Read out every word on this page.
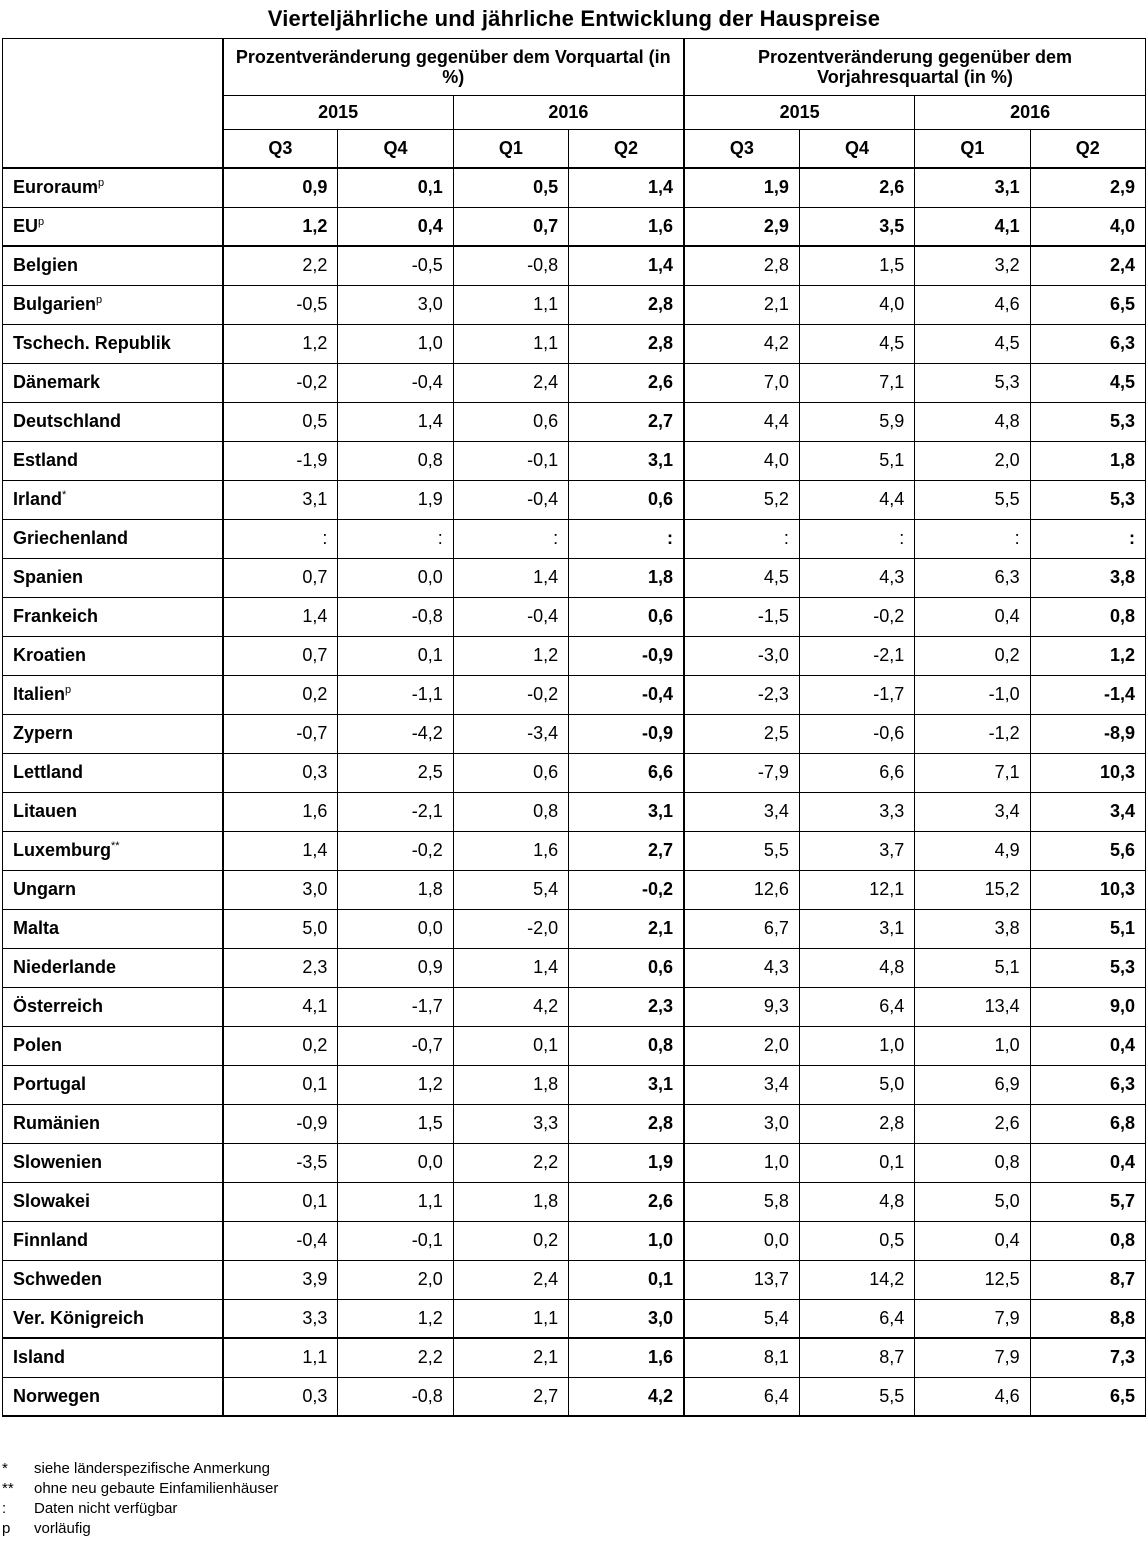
Vierteljährliche und jährliche Entwicklung der Hauspreise
	Prozentveränderung gegenüber dem Vorquartal (in %)				Prozentveränderung gegenüber dem Vorjahresquartal (in %)			
	2015		2016		2015		2016	
	Q3	Q4	Q1	Q2	Q3	Q4	Q1	Q2
Euroraum$^p$	0,9	0,1	0,5	1,4	1,9	2,6	3,1	2,9
$EU^p$	1,2	0,4	0,7	1,6	2,9	3,5	4,1	4,0
Belgien	2,2	-0,5	-0,8	1,4	2,8	1,5	3,2	2,4
Bulgarien$^p$	-0,5	3,0	1,1	2,8	2,1	4,0	4,6	6,5
Tschech. Republik	1,2	1,0	1,1	2,8	4,2	4,5	4,5	6,3
Dänemark	-0,2	-0,4	2,4	2,6	7,0	7,1	5,3	4,5
Deutschland	0,5	1,4	0,6	2,7	4,4	5,9	4,8	5,3
Estland	-1,9	0,8	-0,1	3,1	4,0	5,1	2,0	1,8
Irland*	3,1	1,9	-0,4	0,6	5,2	4,4	5,5	5,3
Griechenland	:	:	:	:	:	:	:	:
Spanien	0,7	0,0	1,4	1,8	4,5	4,3	6,3	3,8
Frankeich	1,4	-0,8	-0,4	0,6	-1,5	-0,2	0,4	0,8
Kroatien	0,7	0,1	1,2	-0,9	-3,0	-2,1	0,2	1,2
Italien$^p$	0,2	-1,1	-0,2	-0,4	-2,3	-1,7	-1,0	-1,4
Zypern	-0,7	-4,2	-3,4	-0,9	2,5	-0,6	-1,2	-8,9
Lettland	0,3	2,5	0,6	6,6	-7,9	6,6	7,1	10,3
Litauen	1,6	-2,1	0,8	3,1	3,4	3,3	3,4	3,4
Luxemburg**	1,4	-0,2	1,6	2,7	5,5	3,7	4,9	5,6
Ungarn	3,0	1,8	5,4	-0,2	12,6	12,1	15,2	10,3
Malta	5,0	0,0	-2,0	2,1	6,7	3,1	3,8	5,1
Niederlande	2,3	0,9	1,4	0,6	4,3	4,8	5,1	5,3
Österreich	4,1	-1,7	4,2	2,3	9,3	6,4	13,4	9,0
Polen	0,2	-0,7	0,1	0,8	2,0	1,0	1,0	0,4
Portugal	0,1	1,2	1,8	3,1	3,4	5,0	6,9	6,3
Rumänien	-0,9	1,5	3,3	2,8	3,0	2,8	2,6	6,8
Slowenien	-3,5	0,0	2,2	1,9	1,0	0,1	0,8	0,4
Slowakei	0,1	1,1	1,8	2,6	5,8	4,8	5,0	5,7
Finnland	-0,4	-0,1	0,2	1,0	0,0	0,5	0,4	0,8
Schweden	3,9	2,0	2,4	0,1	13,7	14,2	12,5	8,7
Ver. Königreich	3,3	1,2	1,1	3,0	5,4	6,4	7,9	8,8
Island	1,1	2,2	2,1	1,6	8,1	8,7	7,9	7,3
Norwegen	0,3	-0,8	2,7	4,2	6,4	5,5	4,6	6,5
*	siehe länderspezifische Anmerkung
**	ohne neu gebaute Einfamilienhäuser
:	Daten nicht verfügbar
p	vorläufig
